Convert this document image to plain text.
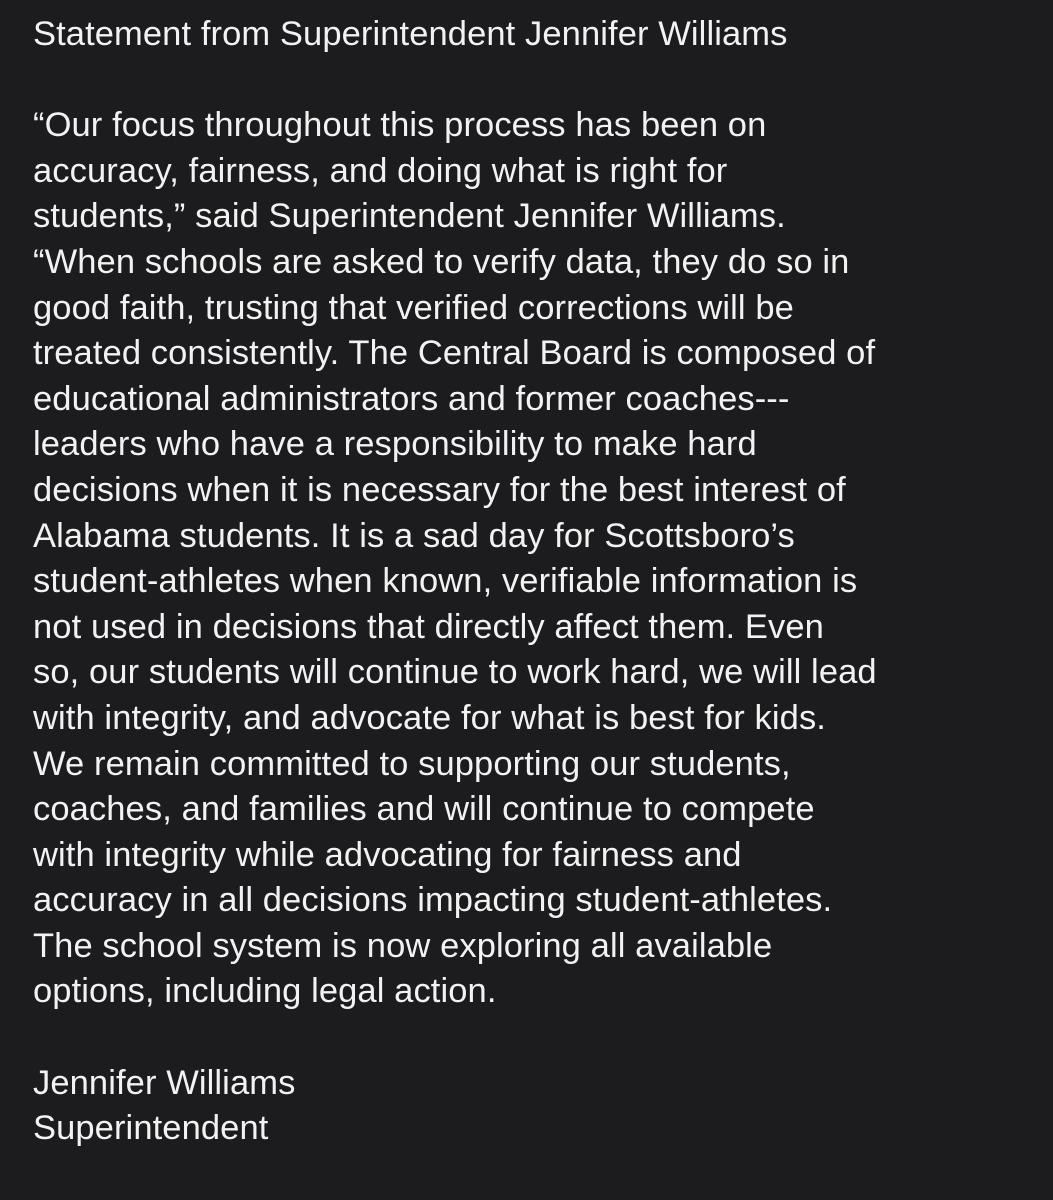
Statement from Superintendent Jennifer Williams
“Our focus throughout this process has been on
accuracy, fairness, and doing what is right for
students,” said Superintendent Jennifer Williams.
“When schools are asked to verify data, they do so in
good faith, trusting that verified corrections will be
treated consistently. The Central Board is composed of
educational administrators and former coaches---
leaders who have a responsibility to make hard
decisions when it is necessary for the best interest of
Alabama students. It is a sad day for Scottsboro’s
student-athletes when known, verifiable information is
not used in decisions that directly affect them. Even
so, our students will continue to work hard, we will lead
with integrity, and advocate for what is best for kids.
We remain committed to supporting our students,
coaches, and families and will continue to compete
with integrity while advocating for fairness and
accuracy in all decisions impacting student-athletes.
The school system is now exploring all available
options, including legal action.
Jennifer Williams
Superintendent
